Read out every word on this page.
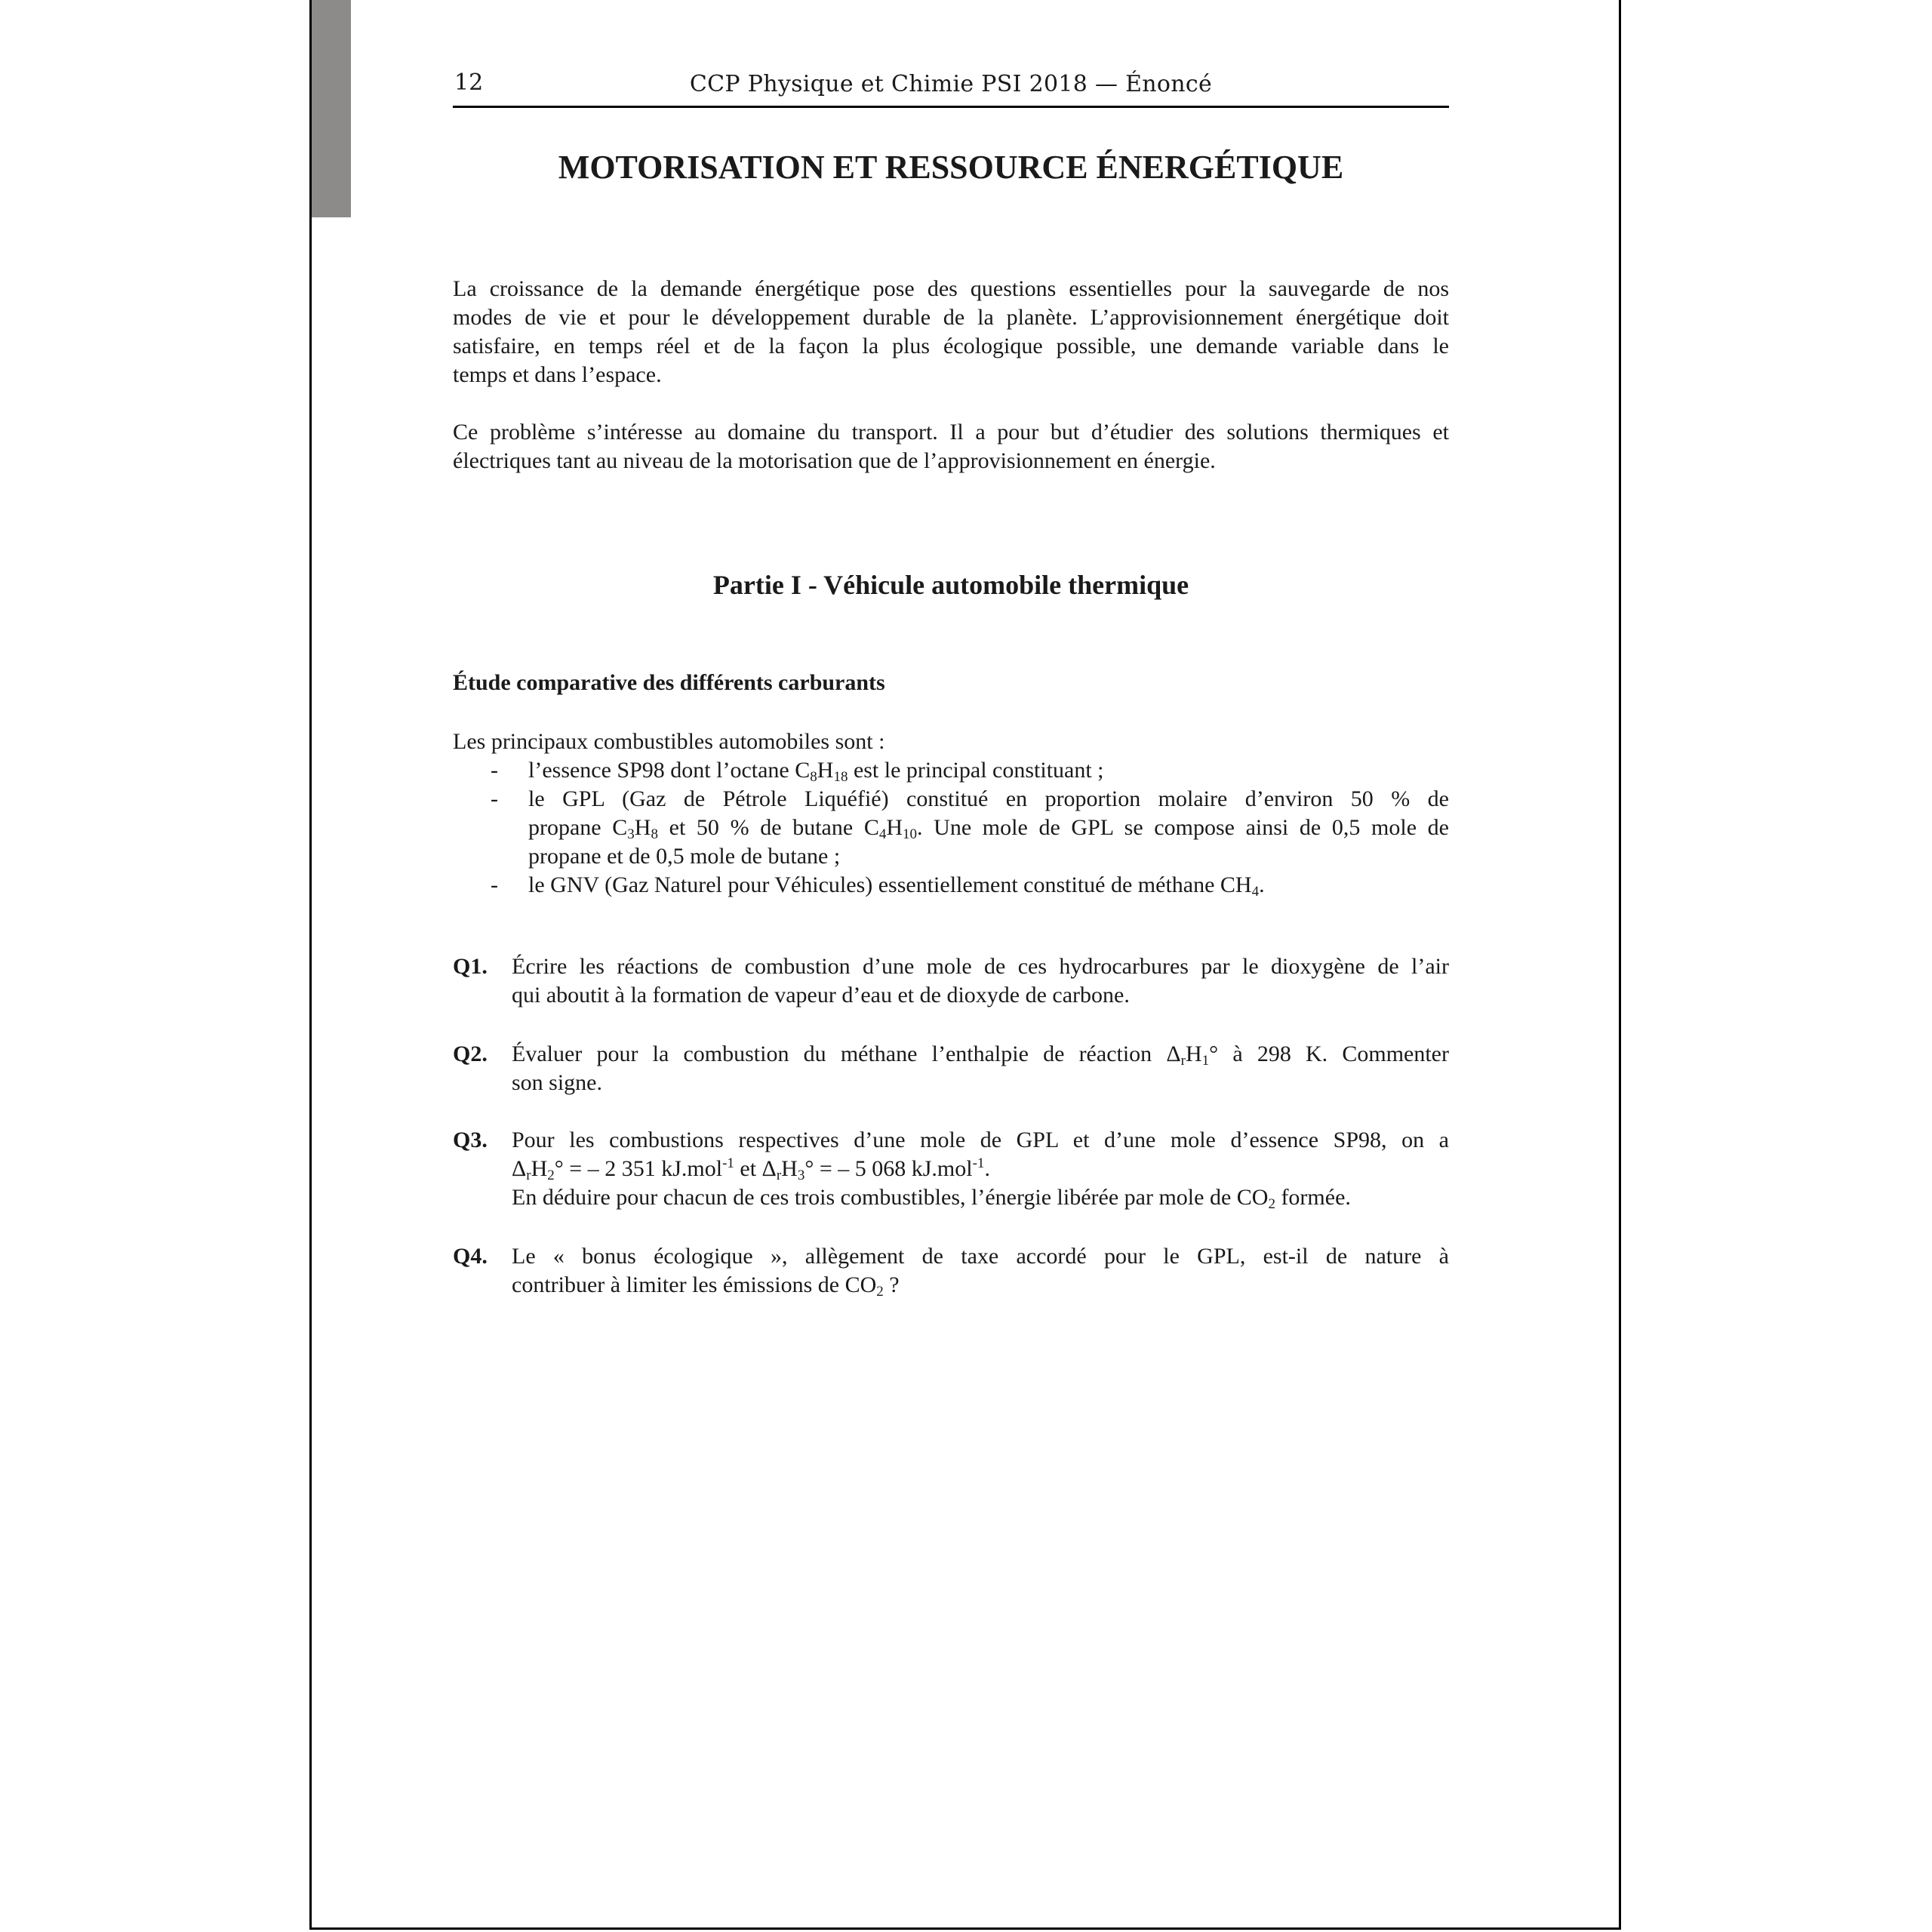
12	CCP Physique et Chimie PSI 2018 — Énoncé
MOTORISATION ET RESSOURCE ÉNERGÉTIQUE

La croissance de la demande énergétique pose des questions essentielles pour la sauvegarde de nos

modes de vie et pour le développement durable de la planète. L’approvisionnement énergétique doit

satisfaire, en temps réel et de la façon la plus écologique possible, une demande variable dans le

temps et dans l’espace.

Ce problème s’intéresse au domaine du transport. Il a pour but d’étudier des solutions thermiques et

électriques tant au niveau de la motorisation que de l’approvisionnement en énergie.

Partie I - Véhicule automobile thermique
Étude comparative des différents carburants

Les principaux combustibles automobiles sont :

- l’essence SP98 dont l’octane $C_8H_{18}$ est le principal constituant ;
- le GPL (Gaz de Pétrole Liquéfié) constitué en proportion molaire d’environ 50 % de
propane $C_3H_8$ et 50 % de butane $C_4H_{10}$. Une mole de GPL se compose ainsi de 0,5 mole de
propane et de 0,5 mole de butane ;
- le GNV (Gaz Naturel pour Véhicules) essentiellement constitué de méthane $CH_4$.
Q1. Écrire les réactions de combustion d’une mole de ces hydrocarbures par le dioxygène de l’air
qui aboutit à la formation de vapeur d’eau et de dioxyde de carbone.
Q2. Évaluer pour la combustion du méthane l’enthalpie de réaction $\Delta_rH_1^\circ$ à 298 K. Commenter
son signe.
Q3. Pour les combustions respectives d’une mole de GPL et d’une mole d’essence SP98, on a
$\Delta_rH_2^\circ$ = – 2 351 kJ.mol$^{-1}$ et $\Delta_rH_3^\circ$ = – 5 068 kJ.mol$^{-1}$.
En déduire pour chacun de ces trois combustibles, l’énergie libérée par mole de $CO_2$ formée.
Q4. Le « bonus écologique », allègement de taxe accordé pour le GPL, est-il de nature à
contribuer à limiter les émissions de $CO_2$ ?
